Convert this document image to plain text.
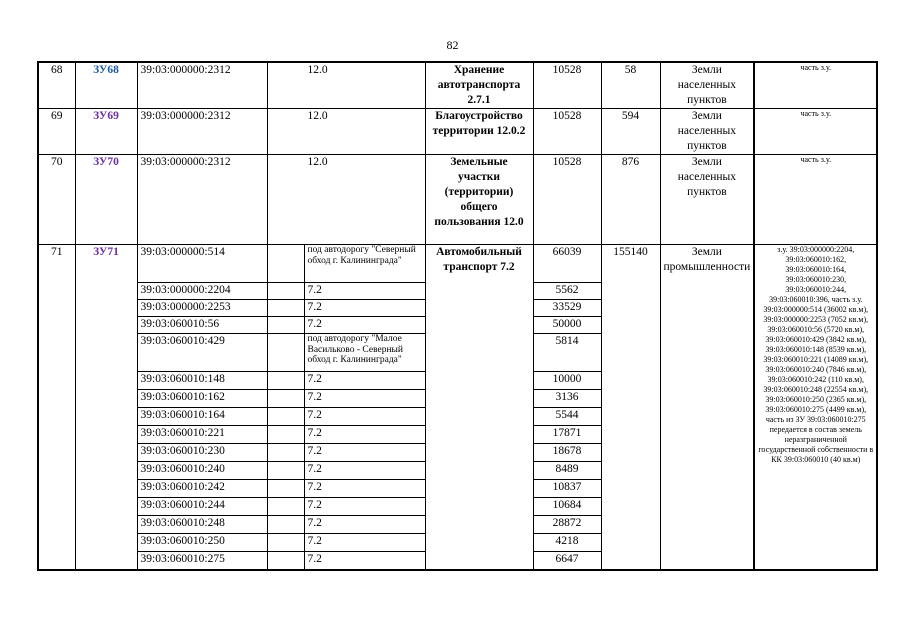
82
68	ЗУ68	39:03:000000:2312	12.0		Хранение автотранспорта 2.7.1	10528	58	Земли населенных пунктов	часть з.у.
69	ЗУ69	39:03:000000:2312	12.0		Благоустройство территории 12.0.2	10528	594	Земли населенных пунктов	часть з.у.
70	ЗУ70	39:03:000000:2312	12.0		Земельные участки (территории) общего пользования 12.0	10528	876	Земли населенных пунктов	часть з.у.
71	ЗУ71	39:03:000000:514		под автодорогу "Северный обход г. Калининграда"	Автомобильный транспорт 7.2	66039	155140	Земли промышленности	з.у. 39:03:000000:2204, 39:03:060010:162, 39:03:060010:164, 39:03:060010:230, 39:03:060010:244, 39:03:060010:396, часть з.у. 39:03:000000:514 (36002 кв.м), 39:03:000000:2253 (7052 кв.м), 39:03:060010:56 (5720 кв.м), 39:03:060010:429 (3842 кв.м), 39:03:060010:148 (8539 кв.м), 39:03:060010:221 (14089 кв.м), 39:03:060010:240 (7846 кв.м), 39:03:060010:242 (110 кв.м), 39:03:060010:248 (22554 кв.м), 39:03:060010:250 (2365 кв.м), 39:03:060010:275 (4499 кв.м), часть из ЗУ 39:03:060010:275 передается в состав земель неразграниченной государственной собственности в КК 39:03:060010 (40 кв.м)
		39:03:000000:2204		7.2		5562			
		39:03:000000:2253		7.2		33529			
		39:03:060010:56		7.2		50000			
		39:03:060010:429		под автодорогу "Малое Васильково - Северный обход г. Калининграда"		5814			
		39:03:060010:148		7.2		10000			
		39:03:060010:162		7.2		3136			
		39:03:060010:164		7.2		5544			
		39:03:060010:221		7.2		17871			
		39:03:060010:230		7.2		18678			
		39:03:060010:240		7.2		8489			
		39:03:060010:242		7.2		10837			
		39:03:060010:244		7.2		10684			
		39:03:060010:248		7.2		28872			
		39:03:060010:250		7.2		4218			
		39:03:060010:275		7.2		6647			
